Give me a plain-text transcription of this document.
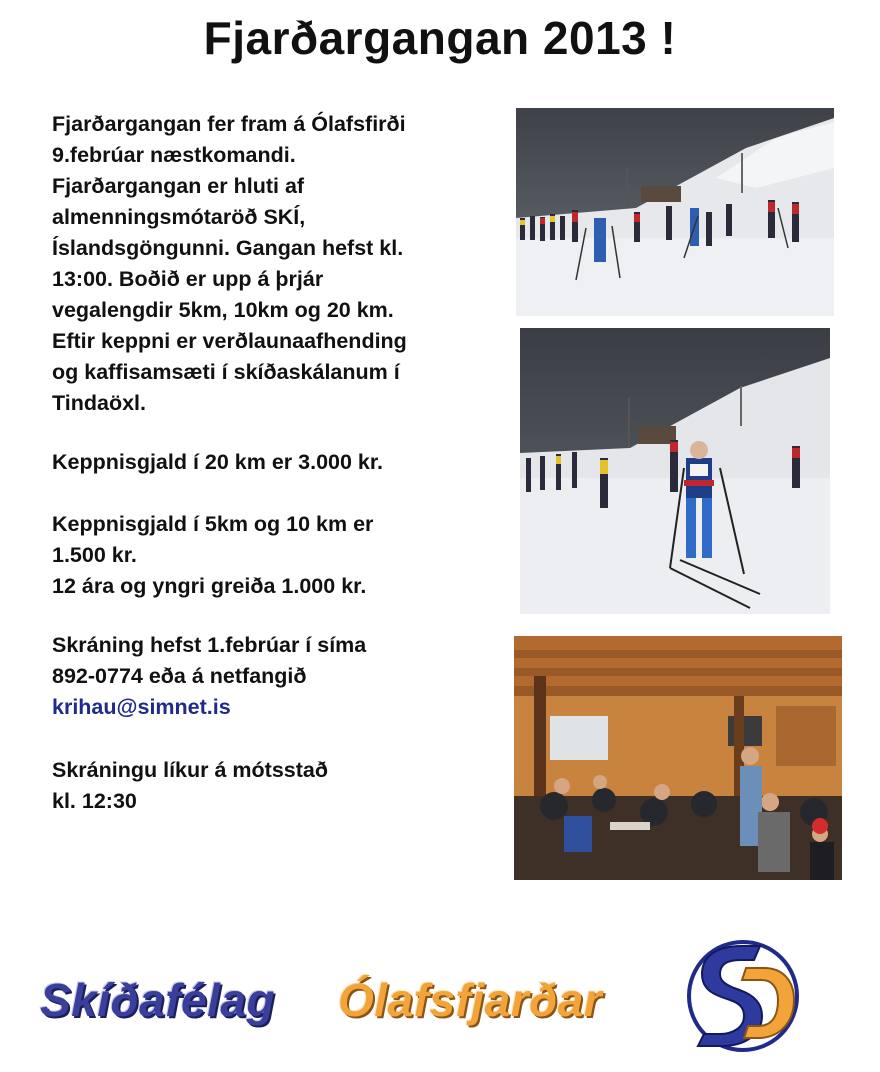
Fjarðargangan 2013 !

Fjarðargangan fer fram á Ólafsfirði

9.febrúar næstkomandi.

Fjarðargangan er hluti af

almenningsmótaröð SKÍ,

Íslandsgöngunni. Gangan hefst kl.

13:00. Boðið er upp á þrjár

vegalengdir 5km, 10km og 20 km.

Eftir keppni er verðlaunaafhending

og kaffisamsæti í skíðaskálanum í

Tindaöxl.

Keppnisgjald í 20 km er 3.000 kr.

Keppnisgjald í 5km og 10 km er

1.500 kr.

12 ára og yngri greiða 1.000 kr.

Skráning hefst 1.febrúar í síma

892-0774 eða á netfangið

krihau@simnet.is

Skráningu líkur á mótsstað

kl. 12:30

Skíðafélag Ólafsfjarðar
